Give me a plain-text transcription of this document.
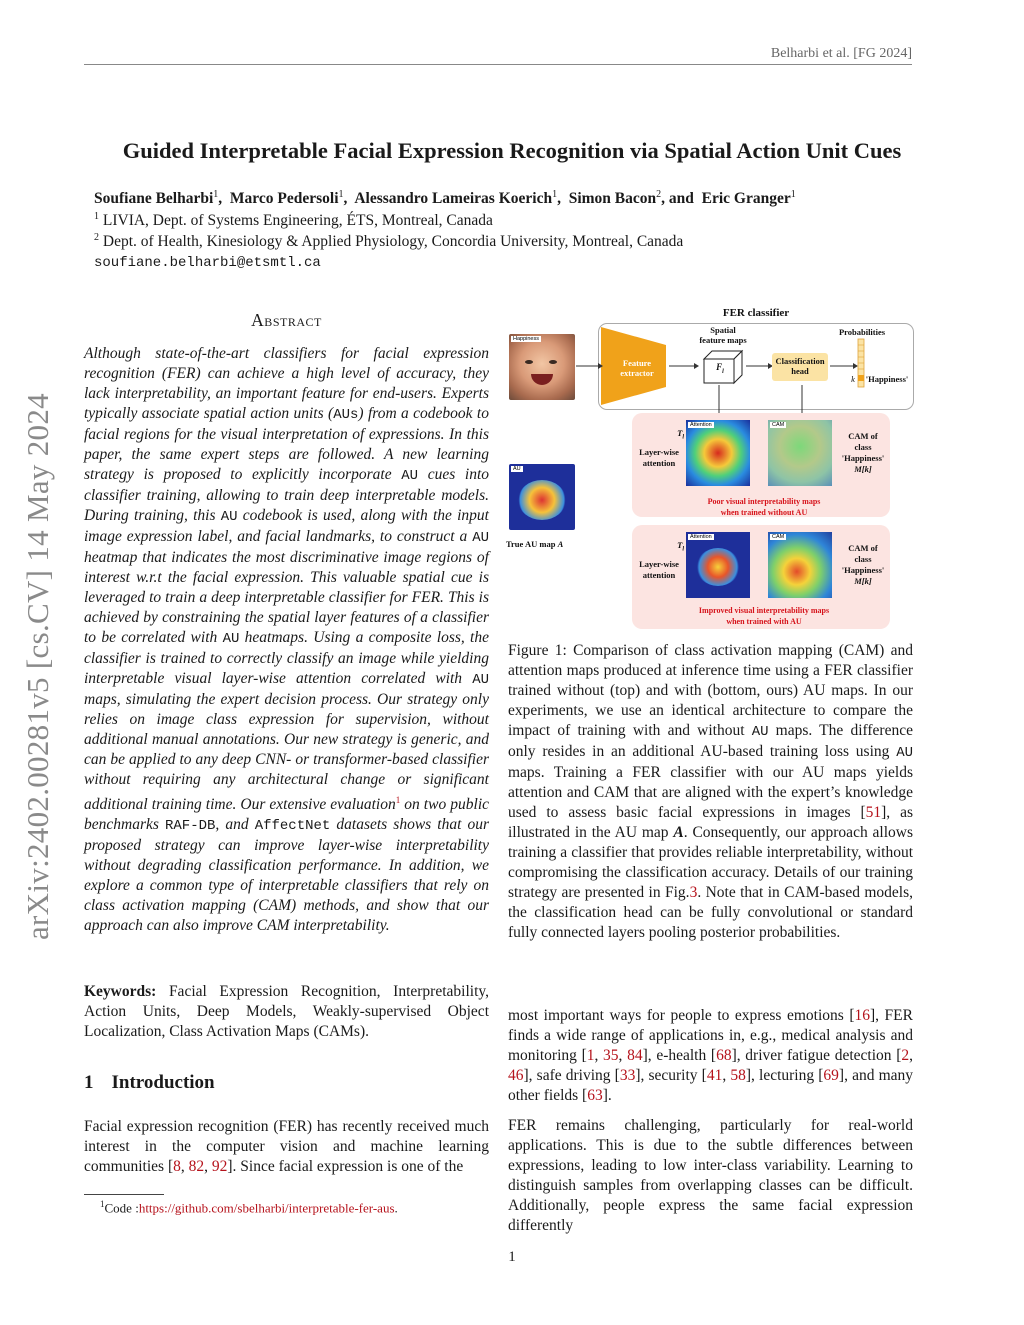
Belharbi et al. [FG 2024]
Guided Interpretable Facial Expression Recognition via Spatial Action Unit Cues
Soufiane Belharbi$^1$,  Marco Pedersoli$^1$,  Alessandro Lameiras Koerich$^1$,  Simon Bacon$^2$, and  Eric Granger$^1$
$^1$ LIVIA, Dept. of Systems Engineering, ÉTS, Montreal, Canada
$^2$ Dept. of Health, Kinesiology & Applied Physiology, Concordia University, Montreal, Canada
soufiane.belharbi@etsmtl.ca
arXiv:2402.00281v5 [cs.CV] 14 May 2024
Abstract
Although state-of-the-art classifiers for facial expression recognition (FER) can achieve a high level of accuracy, they lack interpretability, an important feature for end-users. Experts typically associate spatial action units (AUs) from a codebook to facial regions for the visual interpretation of expressions. In this paper, the same expert steps are followed. A new learning strategy is proposed to explicitly incorporate AU cues into classifier training, allowing to train deep interpretable models. During training, this AU codebook is used, along with the input image expression label, and facial landmarks, to construct a AU heatmap that indicates the most discriminative image regions of interest w.r.t the facial expression. This valuable spatial cue is leveraged to train a deep interpretable classifier for FER. This is achieved by constraining the spatial layer features of a classifier to be correlated with AU heatmaps. Using a composite loss, the classifier is trained to correctly classify an image while yielding interpretable visual layer-wise attention correlated with AU maps, simulating the expert decision process. Our strategy only relies on image class expression for supervision, without additional manual annotations. Our new strategy is generic, and can be applied to any deep CNN- or transformer-based classifier without requiring any architectural change or significant additional training time. Our extensive evaluation$^1$ on two public benchmarks RAF-DB, and AffectNet datasets shows that our proposed strategy can improve layer-wise interpretability without degrading classification performance. In addition, we explore a common type of interpretable classifiers that rely on class activation mapping (CAM) methods, and show that our approach can also improve CAM interpretability.
Keywords: Facial Expression Recognition, Interpretability, Action Units, Deep Models, Weakly-supervised Object Localization, Class Activation Maps (CAMs).
1 Introduction
Facial expression recognition (FER) has recently received much interest in the computer vision and machine learning communities [8, 82, 92]. Since facial expression is one of the
$^1$Code :https://github.com/sbelharbi/interpretable-fer-aus.
FER classifier
Happiness
Feature
extractor
Spatial
feature maps
$F_l$
Classification
head
Probabilities
k	'Happiness'
AU
True AU map A
$T_l$
Layer-wise
attention
Attention	CAM
CAM of
class
'Happiness'
M[k]
Poor visual interpretability maps
when trained without AU
$T_l$
Layer-wise
attention
Attention	CAM
CAM of
class
'Happiness'
M[k]
Improved visual interpretability maps
when trained with AU
Figure 1: Comparison of class activation mapping (CAM) and attention maps produced at inference time using a FER classifier trained without (top) and with (bottom, ours) AU maps. In our experiments, we use an identical architecture to compare the impact of training with and without AU maps. The difference only resides in an additional AU-based training loss using AU maps. Training a FER classifier with our AU maps yields attention and CAM that are aligned with the expert’s knowledge used to assess basic facial expressions in images [51], as illustrated in the AU map A. Consequently, our approach allows training a classifier that provides reliable interpretability, without compromising the classification accuracy. Details of our training strategy are presented in Fig.3. Note that in CAM-based models, the classification head can be fully convolutional or standard fully connected layers pooling posterior probabilities.
most important ways for people to express emotions [16], FER finds a wide range of applications in, e.g., medical analysis and monitoring [1, 35, 84], e-health [68], driver fatigue detection [2, 46], safe driving [33], security [41, 58], lecturing [69], and many other fields [63].
FER remains challenging, particularly for real-world applications. This is due to the subtle differences between expressions, leading to low inter-class variability. Learning to distinguish samples from overlapping classes can be difficult. Additionally, people express the same facial expression differently
1
